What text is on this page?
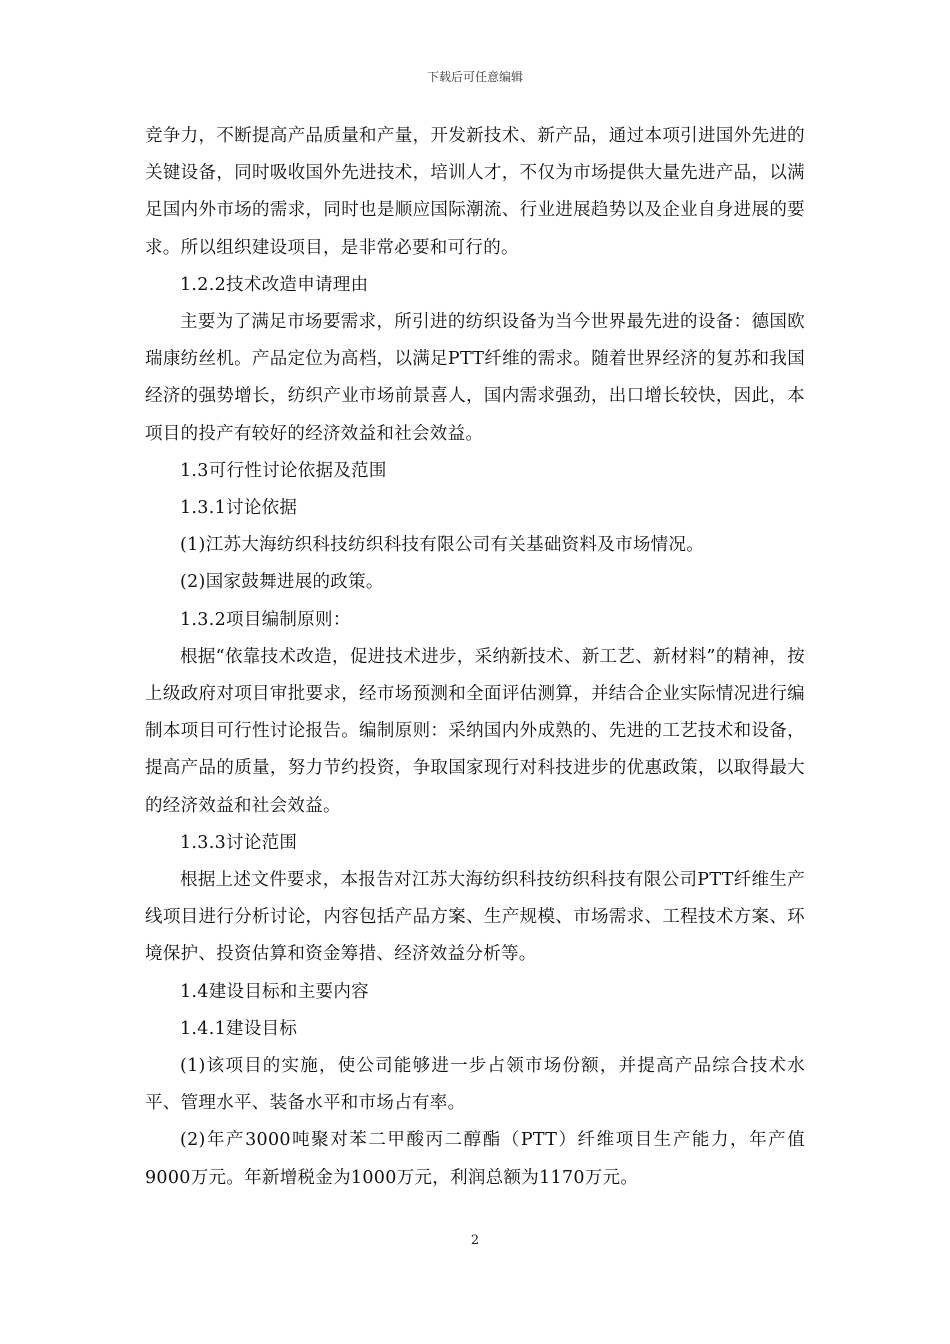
下载后可任意编辑

竞争力，不断提高产品质量和产量，开发新技术、新产品，通过本项引进国外先进的关键设备，同时吸收国外先进技术，培训人才，不仅为市场提供大量先进产品，以满足国内外市场的需求，同时也是顺应国际潮流、行业进展趋势以及企业自身进展的要求。所以组织建设项目，是非常必要和可行的。

1.2.2技术改造申请理由

主要为了满足市场要需求，所引进的纺织设备为当今世界最先进的设备：德国欧瑞康纺丝机。产品定位为高档，以满足PTT纤维的需求。随着世界经济的复苏和我国经济的强势增长，纺织产业市场前景喜人，国内需求强劲，出口增长较快，因此，本项目的投产有较好的经济效益和社会效益。

1.3可行性讨论依据及范围

1.3.1讨论依据

(1)江苏大海纺织科技纺织科技有限公司有关基础资料及市场情况。

(2)国家鼓舞进展的政策。

1.3.2项目编制原则：

根据“依靠技术改造，促进技术进步，采纳新技术、新工艺、新材料”的精神，按上级政府对项目审批要求，经市场预测和全面评估测算，并结合企业实际情况进行编制本项目可行性讨论报告。编制原则：采纳国内外成熟的、先进的工艺技术和设备，提高产品的质量，努力节约投资，争取国家现行对科技进步的优惠政策，以取得最大的经济效益和社会效益。

1.3.3讨论范围

根据上述文件要求，本报告对江苏大海纺织科技纺织科技有限公司PTT纤维生产线项目进行分析讨论，内容包括产品方案、生产规模、市场需求、工程技术方案、环境保护、投资估算和资金筹措、经济效益分析等。

1.4建设目标和主要内容

1.4.1建设目标

(1)该项目的实施，使公司能够进一步占领市场份额，并提高产品综合技术水平、管理水平、装备水平和市场占有率。

(2)年产3000吨聚对苯二甲酸丙二醇酯（PTT）纤维项目生产能力，年产值9000万元。年新增税金为1000万元，利润总额为1170万元。

2
